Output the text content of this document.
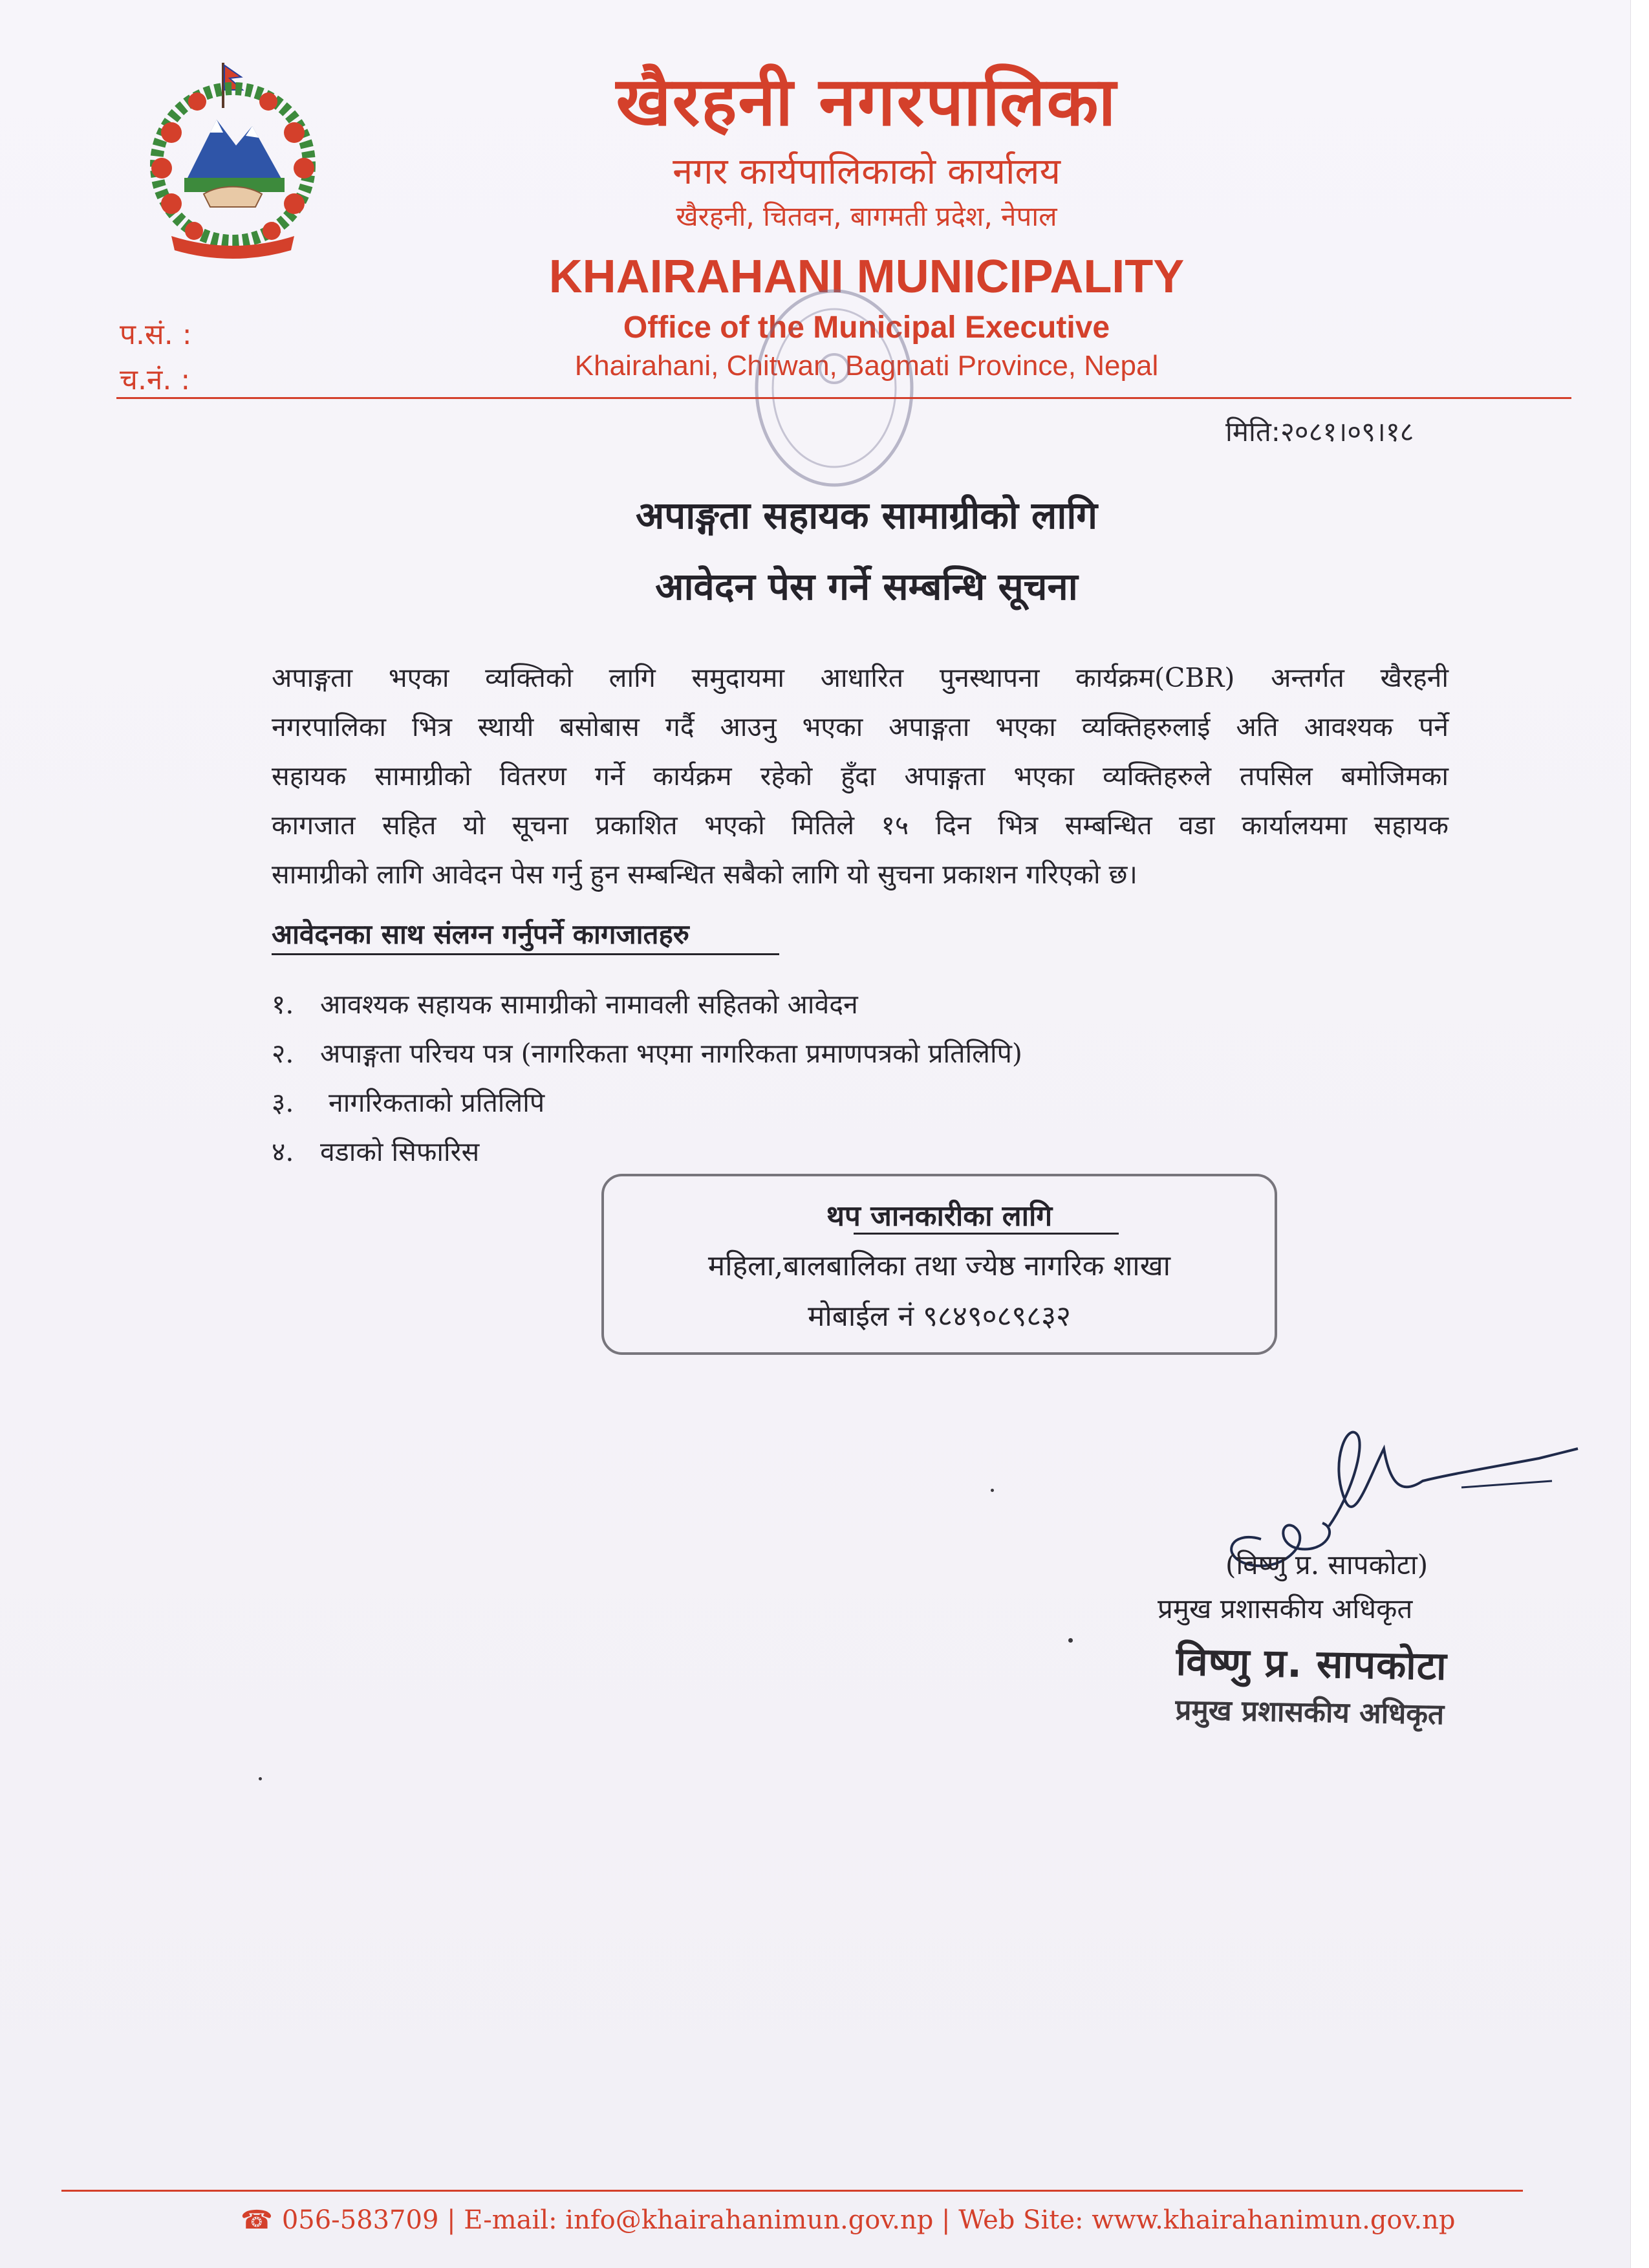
खैरहनी नगरपालिका
नगर कार्यपालिकाको कार्यालय
खैरहनी, चितवन, बागमती प्रदेश, नेपाल
KHAIRAHANI MUNICIPALITY
Office of the Municipal Executive
Khairahani, Chitwan, Bagmati Province, Nepal
प.सं. :
च.नं. :
मिति:२०८१।०९।१८
अपाङ्गता सहायक सामाग्रीको लागि
आवेदन पेस गर्ने सम्बन्धि सूचना
अपाङ्गता भएका व्यक्तिको लागि समुदायमा आधारित पुनस्थापना कार्यक्रम(CBR) अन्तर्गत खैरहनी
नगरपालिका भित्र स्थायी बसोबास गर्दै आउनु भएका अपाङ्गता भएका व्यक्तिहरुलाई अति आवश्यक पर्ने
सहायक सामाग्रीको वितरण गर्ने कार्यक्रम रहेको हुँदा अपाङ्गता भएका व्यक्तिहरुले तपसिल बमोजिमका
कागजात सहित यो सूचना प्रकाशित भएको मितिले १५ दिन भित्र सम्बन्धित वडा कार्यालयमा सहायक
सामाग्रीको लागि आवेदन पेस गर्नु हुन सम्बन्धित सबैको लागि यो सुचना प्रकाशन गरिएको छ।
आवेदनका साथ संलग्न गर्नुपर्ने कागजातहरु
१. आवश्यक सहायक सामाग्रीको नामावली सहितको आवेदन
२. अपाङ्गता परिचय पत्र (नागरिकता भएमा नागरिकता प्रमाणपत्रको प्रतिलिपि)
३. नागरिकताको प्रतिलिपि
४. वडाको सिफारिस
थप जानकारीका लागि
महिला,बालबालिका तथा ज्येष्ठ नागरिक शाखा
मोबाईल नं ९८४९०८९८३२
(विष्णु प्र. सापकोटा)
प्रमुख प्रशासकीय अधिकृत
विष्णु प्र. सापकोटा
प्रमुख प्रशासकीय अधिकृत
☎ 056-583709 | E-mail: info@khairahanimun.gov.np | Web Site: www.khairahanimun.gov.np
